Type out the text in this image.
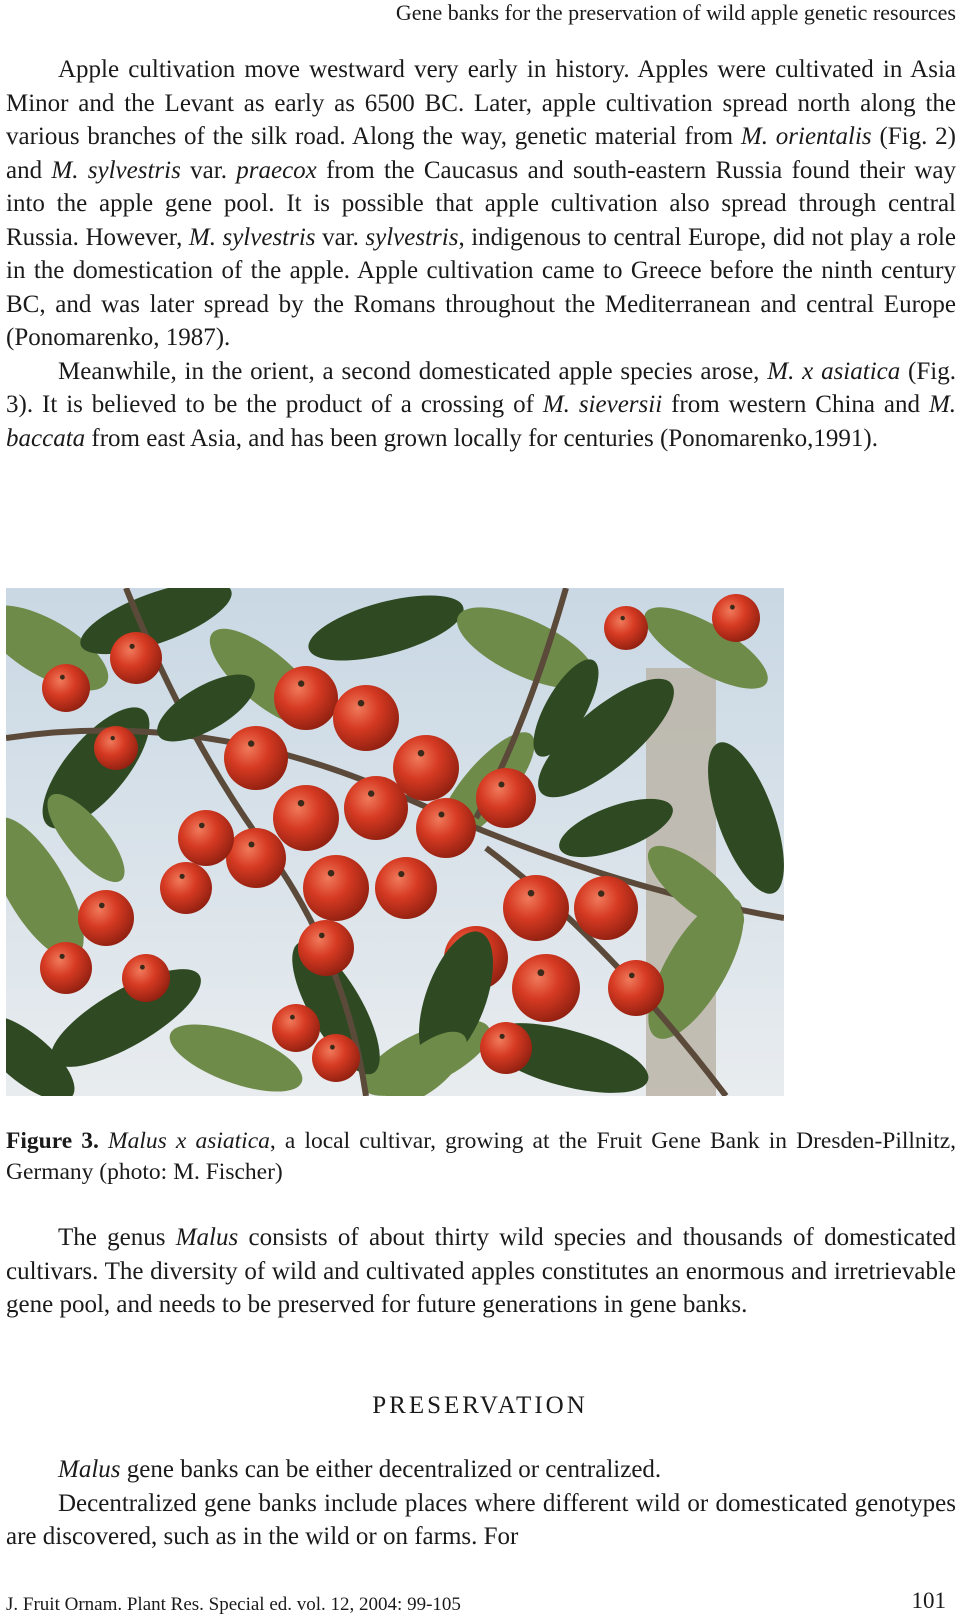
Gene banks for the preservation of wild apple genetic resources

Apple cultivation move westward very early in history. Apples were cultivated in Asia Minor and the Levant as early as 6500 BC. Later, apple cultivation spread north along the various branches of the silk road. Along the way, genetic material from M. orientalis (Fig. 2) and M. sylvestris var. praecox from the Caucasus and south-eastern Russia found their way into the apple gene pool. It is possible that apple cultivation also spread through central Russia. However, M. sylvestris var. sylvestris, indigenous to central Europe, did not play a role in the domestication of the apple. Apple cultivation came to Greece before the ninth century BC, and was later spread by the Romans throughout the Mediterranean and central Europe (Ponomarenko, 1987).

Meanwhile, in the orient, a second domesticated apple species arose, M. x asiatica (Fig. 3). It is believed to be the product of a crossing of M. sieversii from western China and M. baccata from east Asia, and has been grown locally for centuries (Ponomarenko,1991).

Figure 3. Malus x asiatica, a local cultivar, growing at the Fruit Gene Bank in Dresden-Pillnitz, Germany (photo: M. Fischer)

The genus Malus consists of about thirty wild species and thousands of domesticated cultivars. The diversity of wild and cultivated apples constitutes an enormous and irretrievable gene pool, and needs to be preserved for future generations in gene banks.

PRESERVATION

Malus gene banks can be either decentralized or centralized.

Decentralized gene banks include places where different wild or domesticated genotypes are discovered, such as in the wild or on farms. For

J. Fruit Ornam. Plant Res. Special ed. vol. 12, 2004: 99-105	101
